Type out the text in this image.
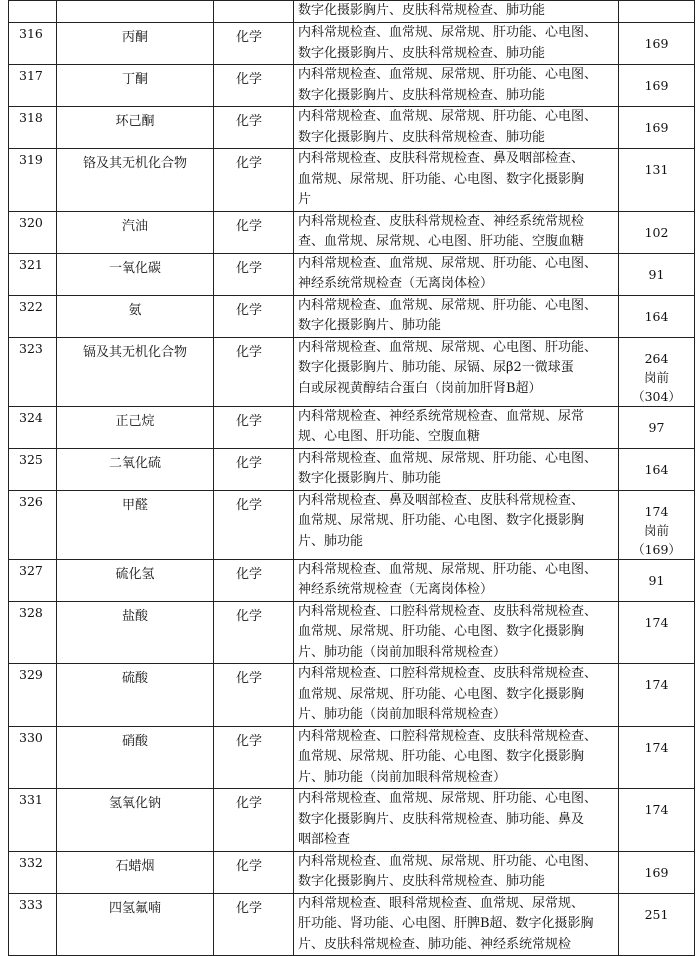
			数字化摄影胸片、皮肤科常规检查、肺功能	

316	丙酮	化学	内科常规检查、血常规、尿常规、肝功能、心电图、
数字化摄影胸片、皮肤科常规检查、肺功能	169

317	丁酮	化学	内科常规检查、血常规、尿常规、肝功能、心电图、
数字化摄影胸片、皮肤科常规检查、肺功能	169

318	环己酮	化学	内科常规检查、血常规、尿常规、肝功能、心电图、
数字化摄影胸片、皮肤科常规检查、肺功能	169

319	铬及其无机化合物	化学	内科常规检查、皮肤科常规检查、鼻及咽部检查、
血常规、尿常规、肝功能、心电图、数字化摄影胸
片	131

320	汽油	化学	内科常规检查、皮肤科常规检查、神经系统常规检
查、血常规、尿常规、心电图、肝功能、空腹血糖	102

321	一氧化碳	化学	内科常规检查、血常规、尿常规、肝功能、心电图、
神经系统常规检查（无离岗体检）	91

322	氨	化学	内科常规检查、血常规、尿常规、肝功能、心电图、
数字化摄影胸片、肺功能	164

323	镉及其无机化合物	化学	内科常规检查、血常规、尿常规、心电图、肝功能、
数字化摄影胸片、肺功能、尿镉、尿β2一微球蛋
白或尿视黄醇结合蛋白（岗前加肝肾B超）	264
岗前
（304）

324	正己烷	化学	内科常规检查、神经系统常规检查、血常规、尿常
规、心电图、肝功能、空腹血糖	97

325	二氧化硫	化学	内科常规检查、血常规、尿常规、肝功能、心电图、
数字化摄影胸片、肺功能	164

326	甲醛	化学	内科常规检查、鼻及咽部检查、皮肤科常规检查、
血常规、尿常规、肝功能、心电图、数字化摄影胸
片、肺功能	174
岗前
（169）

327	硫化氢	化学	内科常规检查、血常规、尿常规、肝功能、心电图、
神经系统常规检查（无离岗体检）	91

328	盐酸	化学	内科常规检查、口腔科常规检查、皮肤科常规检查、
血常规、尿常规、肝功能、心电图、数字化摄影胸
片、肺功能（岗前加眼科常规检查）	174

329	硫酸	化学	内科常规检查、口腔科常规检查、皮肤科常规检查、
血常规、尿常规、肝功能、心电图、数字化摄影胸
片、肺功能（岗前加眼科常规检查）	174

330	硝酸	化学	内科常规检查、口腔科常规检查、皮肤科常规检查、
血常规、尿常规、肝功能、心电图、数字化摄影胸
片、肺功能（岗前加眼科常规检查）	174

331	氢氧化钠	化学	内科常规检查、血常规、尿常规、肝功能、心电图、
数字化摄影胸片、皮肤科常规检查、肺功能、鼻及
咽部检查	174

332	石蜡烟	化学	内科常规检查、血常规、尿常规、肝功能、心电图、
数字化摄影胸片、皮肤科常规检查、肺功能	169

333	四氢氟喃	化学	内科常规检查、眼科常规检查、血常规、尿常规、
肝功能、肾功能、心电图、肝脾B超、数字化摄影胸
片、皮肤科常规检查、肺功能、神经系统常规检	251
